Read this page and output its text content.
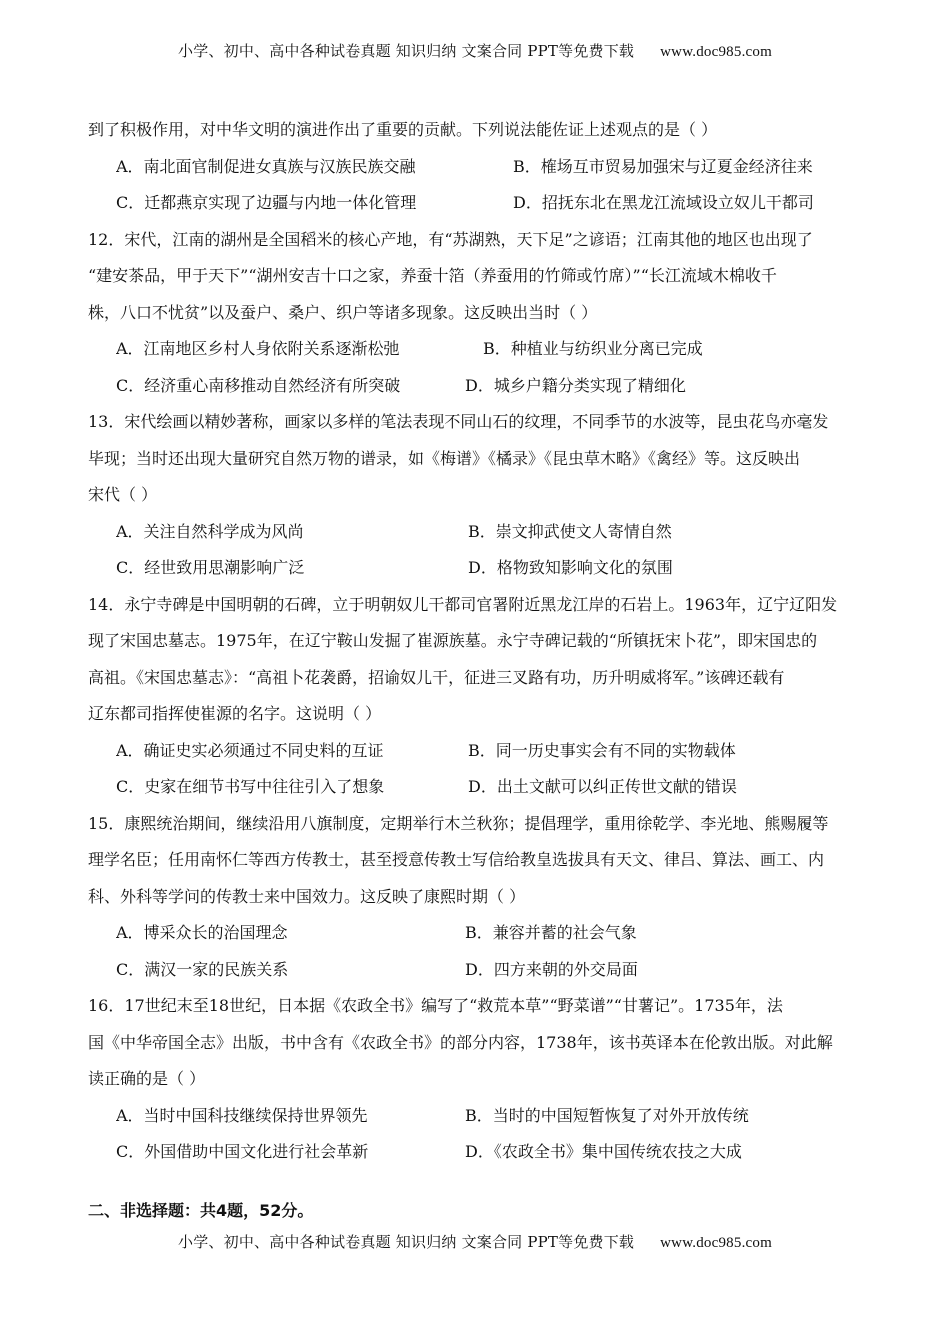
小学、初中、高中各种试卷真题 知识归纳 文案合同 PPT等免费下载 www.doc985.com
到了积极作用，对中华文明的演进作出了重要的贡献。下列说法能佐证上述观点的是（ ）
A．南北面官制促进女真族与汉族民族交融	B．榷场互市贸易加强宋与辽夏金经济往来
C．迁都燕京实现了边疆与内地一体化管理	D．招抚东北在黑龙江流域设立奴儿干都司
12．宋代，江南的湖州是全国稻米的核心产地，有“苏湖熟，天下足”之谚语；江南其他的地区也出现了
“建安茶品，甲于天下”“湖州安吉十口之家，养蚕十箔（养蚕用的竹筛或竹席）”“长江流域木棉收千
株，八口不忧贫”以及蚕户、桑户、织户等诸多现象。这反映出当时（ ）
A．江南地区乡村人身依附关系逐渐松弛	B．种植业与纺织业分离已完成
C．经济重心南移推动自然经济有所突破	D．城乡户籍分类实现了精细化
13．宋代绘画以精妙著称，画家以多样的笔法表现不同山石的纹理，不同季节的水波等，昆虫花鸟亦毫发
毕现；当时还出现大量研究自然万物的谱录，如《梅谱》《橘录》《昆虫草木略》《禽经》等。这反映出
宋代（ ）
A．关注自然科学成为风尚	B．崇文抑武使文人寄情自然
C．经世致用思潮影响广泛	D．格物致知影响文化的氛围
14．永宁寺碑是中国明朝的石碑，立于明朝奴儿干都司官署附近黑龙江岸的石岩上。1963年，辽宁辽阳发
现了宋国忠墓志。1975年，在辽宁鞍山发掘了崔源族墓。永宁寺碑记载的“所镇抚宋卜花”，即宋国忠的
高祖。《宋国忠墓志》：“高祖卜花袭爵，招谕奴儿干，征进三叉路有功，历升明威将军。”该碑还载有
辽东都司指挥使崔源的名字。这说明（ ）
A．确证史实必须通过不同史料的互证	B．同一历史事实会有不同的实物载体
C．史家在细节书写中往往引入了想象	D．出土文献可以纠正传世文献的错误
15．康熙统治期间，继续沿用八旗制度，定期举行木兰秋狝；提倡理学，重用徐乾学、李光地、熊赐履等
理学名臣；任用南怀仁等西方传教士，甚至授意传教士写信给教皇选拔具有天文、律吕、算法、画工、内
科、外科等学问的传教士来中国效力。这反映了康熙时期（ ）
A．博采众长的治国理念	B．兼容并蓄的社会气象
C．满汉一家的民族关系	D．四方来朝的外交局面
16．17世纪末至18世纪，日本据《农政全书》编写了“救荒本草”“野菜谱”“甘薯记”。1735年，法
国《中华帝国全志》出版，书中含有《农政全书》的部分内容，1738年，该书英译本在伦敦出版。对此解
读正确的是（ ）
A．当时中国科技继续保持世界领先	B．当时的中国短暂恢复了对外开放传统
C．外国借助中国文化进行社会革新	D．《农政全书》集中国传统农技之大成
二、非选择题：共4题，52分。
小学、初中、高中各种试卷真题 知识归纳 文案合同 PPT等免费下载 www.doc985.com
